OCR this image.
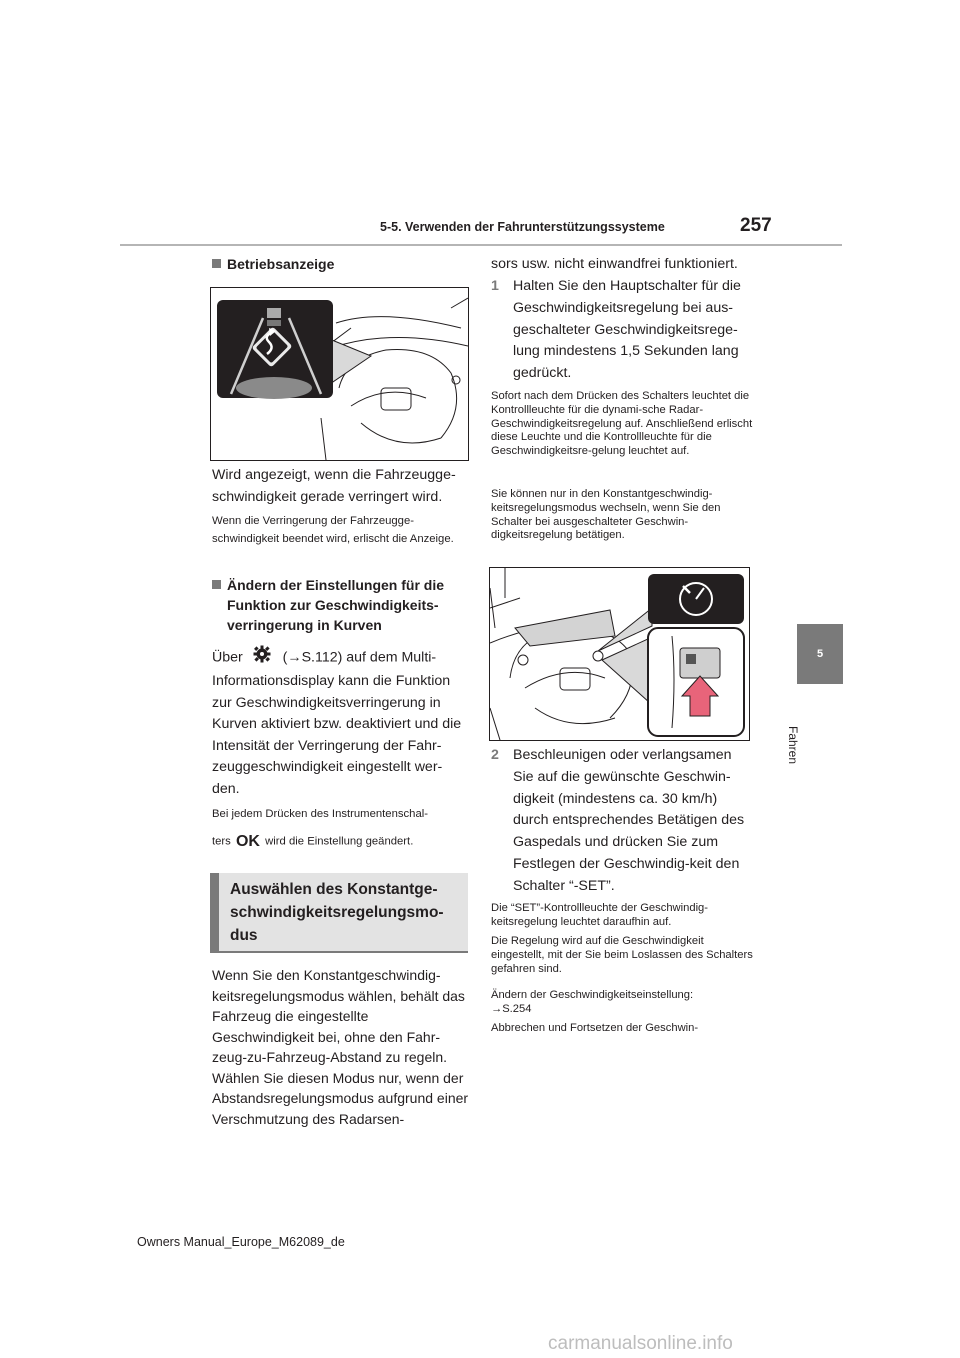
5-5. Verwenden der Fahrunterstützungssysteme	257
5
Fahren
Betriebsanzeige
Wird angezeigt, wenn die Fahrzeugge-schwindigkeit gerade verringert wird.
Wenn die Verringerung der Fahrzeugge-schwindigkeit beendet wird, erlischt die Anzeige.
Ändern der Einstellungen für die Funktion zur Geschwindigkeits-verringerung in Kurven
Über	(→S.112) auf dem Multi-
Informationsdisplay kann die Funktion zur Geschwindigkeitsverringerung in Kurven aktiviert bzw. deaktiviert und die Intensität der Verringerung der Fahr-zeuggeschwindigkeit eingestellt wer-den.
Bei jedem Drücken des Instrumentenschal-
ters OK wird die Einstellung geändert.
Auswählen des Konstantge-schwindigkeitsregelungsmo-dus
Wenn Sie den Konstantgeschwindig-keitsregelungsmodus wählen, behält das Fahrzeug die eingestellte Geschwindigkeit bei, ohne den Fahr-zeug-zu-Fahrzeug-Abstand zu regeln. Wählen Sie diesen Modus nur, wenn der Abstandsregelungsmodus aufgrund einer Verschmutzung des Radarsen-
sors usw. nicht einwandfrei funktioniert.
1 Halten Sie den Hauptschalter für die Geschwindigkeitsregelung bei aus-geschalteter Geschwindigkeitsrege-lung mindestens 1,5 Sekunden lang gedrückt.
Sofort nach dem Drücken des Schalters leuchtet die Kontrollleuchte für die dynami-sche Radar-Geschwindigkeitsregelung auf. Anschließend erlischt diese Leuchte und die Kontrollleuchte für die Geschwindigkeitsre-gelung leuchtet auf.
Sie können nur in den Konstantgeschwindig-keitsregelungsmodus wechseln, wenn Sie den Schalter bei ausgeschalteter Geschwin-digkeitsregelung betätigen.
2 Beschleunigen oder verlangsamen Sie auf die gewünschte Geschwin-digkeit (mindestens ca. 30 km/h) durch entsprechendes Betätigen des Gaspedals und drücken Sie zum Festlegen der Geschwindig-keit den Schalter “-SET”.
Die “SET”-Kontrollleuchte der Geschwindig-keitsregelung leuchtet daraufhin auf.
Die Regelung wird auf die Geschwindigkeit eingestellt, mit der Sie beim Loslassen des Schalters gefahren sind.
Ändern der Geschwindigkeitseinstellung:
→S.254
Abbrechen und Fortsetzen der Geschwin-
Owners Manual_Europe_M62089_de
carmanualsonline.info
